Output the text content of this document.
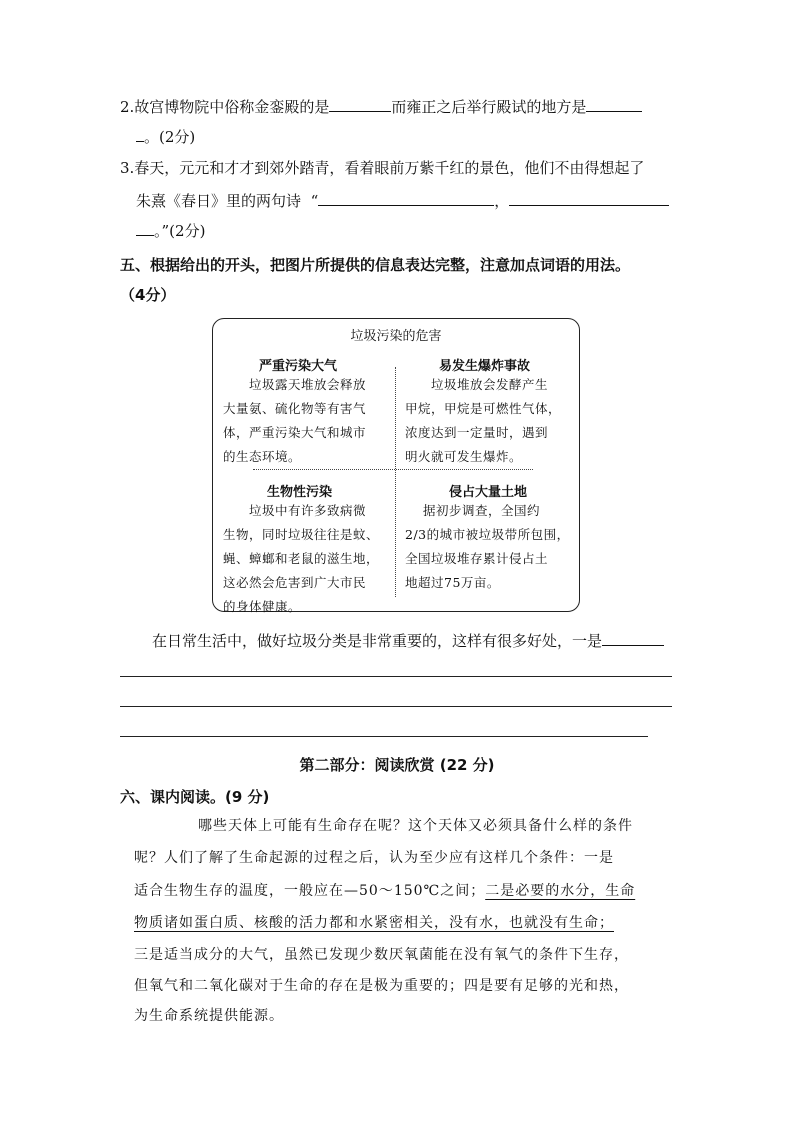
2.故宫博物院中俗称金銮殿的是	而雍正之后举行殿试的地方是
。(2分)
3.春天，元元和才才到郊外踏青，看着眼前万紫千红的景色，他们不由得想起了
朱熹《春日》里的两句诗 “	，
。”(2分)
五、根据给出的开头，把图片所提供的信息表达完整，注意加点词语的用法。
（4分）
垃圾污染的危害
严重污染大气
垃圾露天堆放会释放
大量氨、硫化物等有害气
体，严重污染大气和城市
的生态环境。
易发生爆炸事故
垃圾堆放会发酵产生
甲烷，甲烷是可燃性气体，
浓度达到一定量时，遇到
明火就可发生爆炸。
生物性污染
垃圾中有许多致病微
生物，同时垃圾往往是蚊、
蝇、蟑螂和老鼠的滋生地，
这必然会危害到广大市民
的身体健康。
侵占大量土地
据初步调查，全国约
2/3的城市被垃圾带所包围，
全国垃圾堆存累计侵占土
地超过75万亩。
在日常生活中，做好垃圾分类是非常重要的，这样有很多好处，一是
第二部分：阅读欣赏 (22 分)
六、课内阅读。(9 分)
哪些天体上可能有生命存在呢？这个天体又必须具备什么样的条件
呢？人们了解了生命起源的过程之后，认为至少应有这样几个条件：一是
适合生物生存的温度，一般应在—50～150℃之间；二是必要的水分，生命
物质诸如蛋白质、核酸的活力都和水紧密相关，没有水，也就没有生命；
三是适当成分的大气，虽然已发现少数厌氧菌能在没有氧气的条件下生存，
但氧气和二氧化碳对于生命的存在是极为重要的；四是要有足够的光和热，
为生命系统提供能源。
